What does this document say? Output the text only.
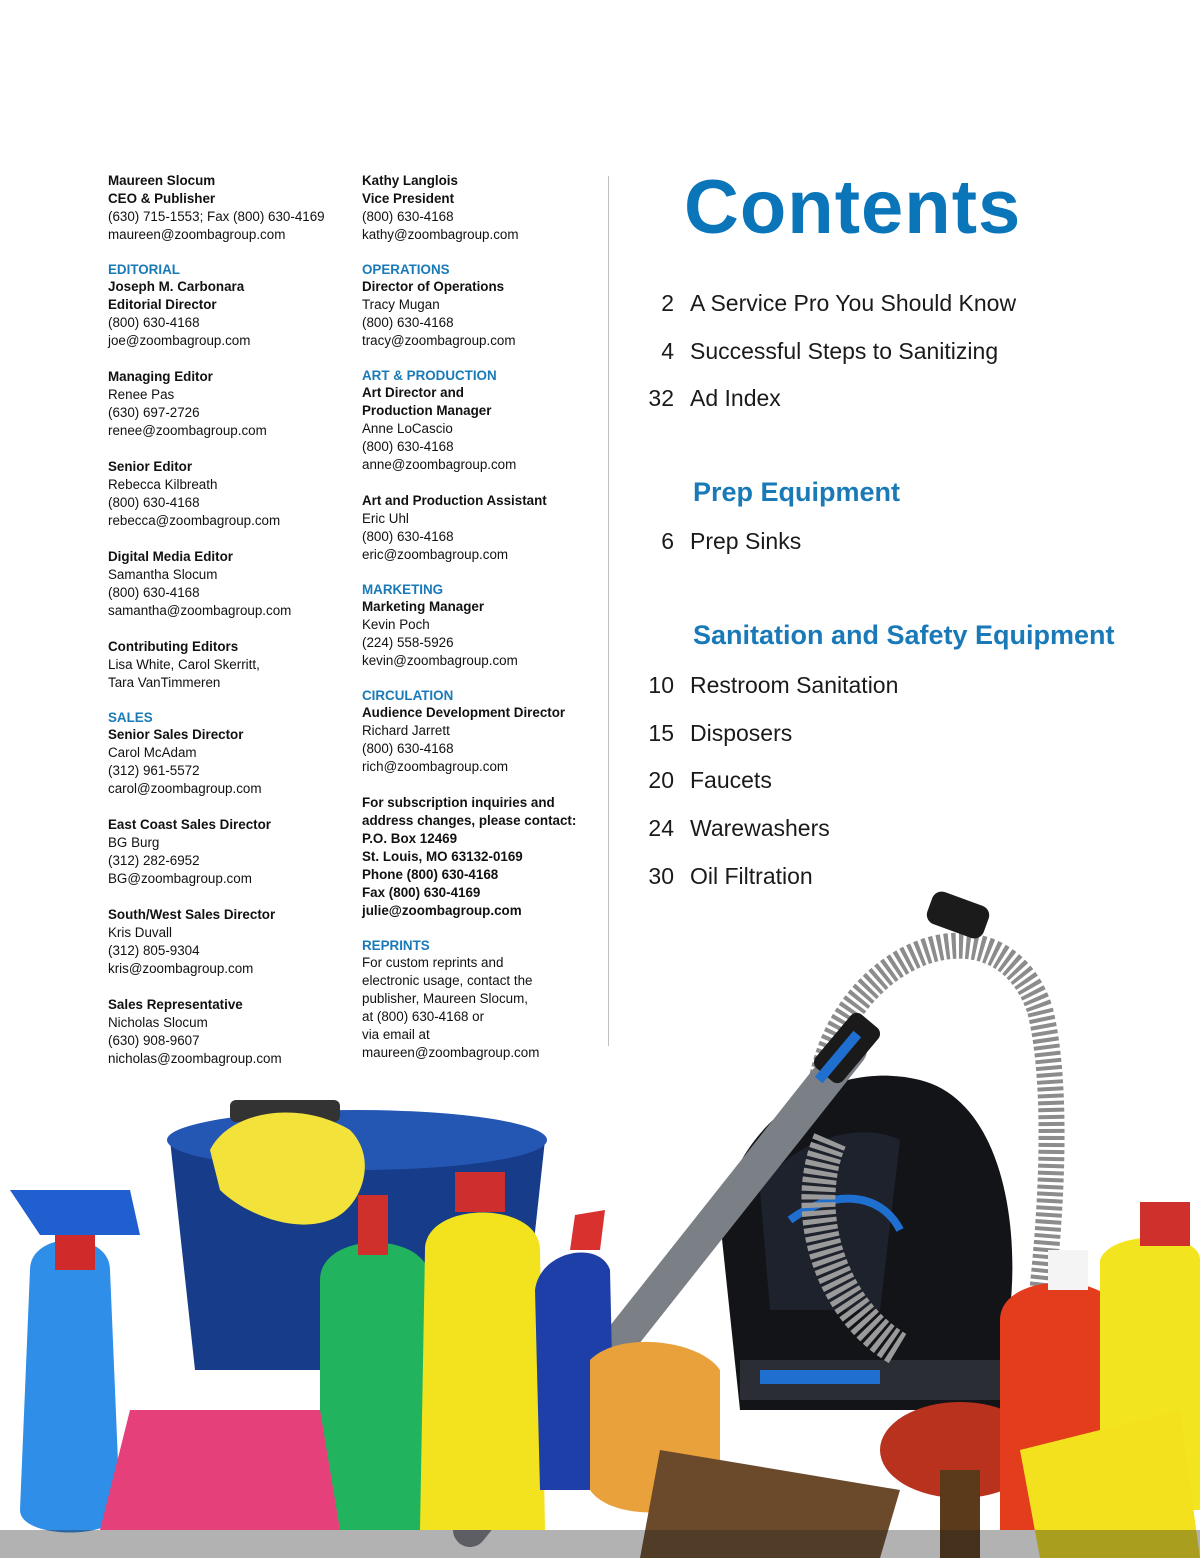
Maureen Slocum
CEO & Publisher
(630) 715-1553; Fax (800) 630-4169
maureen@zoombagroup.com
EDITORIAL
Joseph M. Carbonara
Editorial Director
(800) 630-4168
joe@zoombagroup.com
Managing Editor
Renee Pas
(630) 697-2726
renee@zoombagroup.com
Senior Editor
Rebecca Kilbreath
(800) 630-4168
rebecca@zoombagroup.com
Digital Media Editor
Samantha Slocum
(800) 630-4168
samantha@zoombagroup.com
Contributing Editors
Lisa White, Carol Skerritt,
Tara VanTimmeren
SALES
Senior Sales Director
Carol McAdam
(312) 961-5572
carol@zoombagroup.com
East Coast Sales Director
BG Burg
(312) 282-6952
BG@zoombagroup.com
South/West Sales Director
Kris Duvall
(312) 805-9304
kris@zoombagroup.com
Sales Representative
Nicholas Slocum
(630) 908-9607
nicholas@zoombagroup.com
Kathy Langlois
Vice President
(800) 630-4168
kathy@zoombagroup.com
OPERATIONS
Director of Operations
Tracy Mugan
(800) 630-4168
tracy@zoombagroup.com
ART & PRODUCTION
Art Director and
Production Manager
Anne LoCascio
(800) 630-4168
anne@zoombagroup.com
Art and Production Assistant
Eric Uhl
(800) 630-4168
eric@zoombagroup.com
MARKETING
Marketing Manager
Kevin Poch
(224) 558-5926
kevin@zoombagroup.com
CIRCULATION
Audience Development Director
Richard Jarrett
(800) 630-4168
rich@zoombagroup.com
For subscription inquiries and
address changes, please contact:
P.O. Box 12469
St. Louis, MO 63132-0169
Phone (800) 630-4168
Fax (800) 630-4169
julie@zoombagroup.com
REPRINTS
For custom reprints and
electronic usage, contact the
publisher, Maureen Slocum,
at (800) 630-4168 or
via email at
maureen@zoombagroup.com
Contents
2 A Service Pro You Should Know
4 Successful Steps to Sanitizing
32 Ad Index
Prep Equipment
6 Prep Sinks
Sanitation and Safety Equipment
10 Restroom Sanitation
15 Disposers
20 Faucets
24 Warewashers
30 Oil Filtration
